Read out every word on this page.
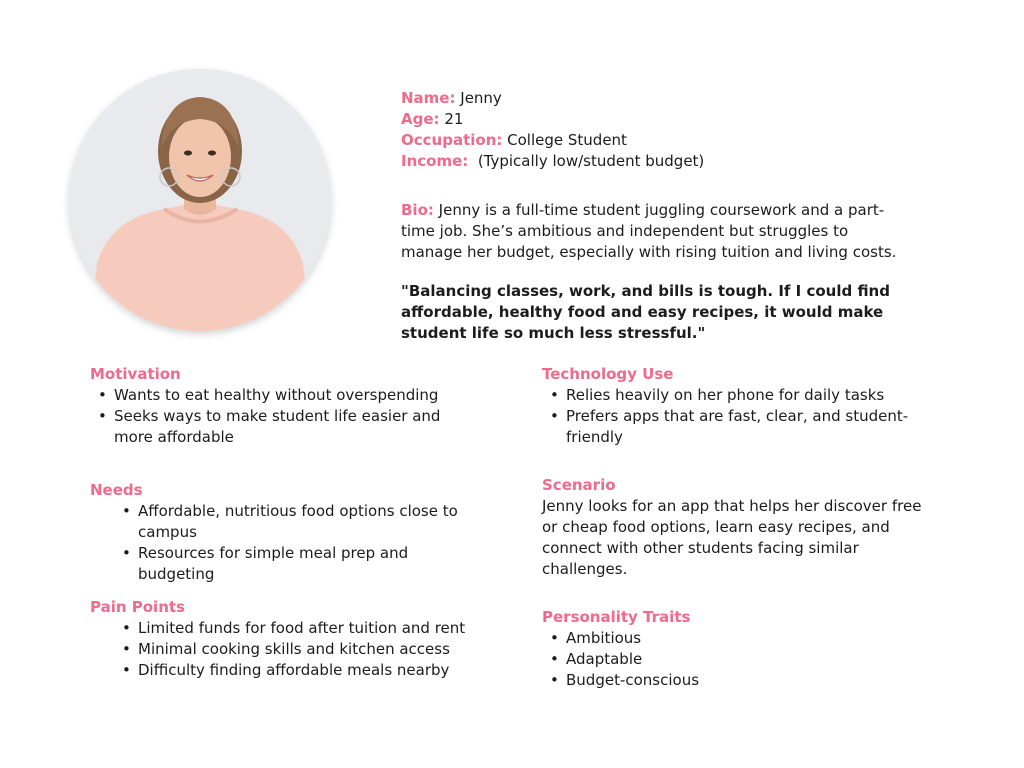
Name: Jenny
Age: 21
Occupation: College Student
Income: (Typically low/student budget)
Bio: Jenny is a full-time student juggling coursework and a part-time job. She’s ambitious and independent but struggles to manage her budget, especially with rising tuition and living costs.
"Balancing classes, work, and bills is tough. If I could find affordable, healthy food and easy recipes, it would make student life so much less stressful."
Motivation
• Wants to eat healthy without overspending
• Seeks ways to make student life easier and more affordable
Needs
• Affordable, nutritious food options close to campus
• Resources for simple meal prep and budgeting
Pain Points
• Limited funds for food after tuition and rent
• Minimal cooking skills and kitchen access
• Difficulty finding affordable meals nearby
Technology Use
• Relies heavily on her phone for daily tasks
• Prefers apps that are fast, clear, and student-friendly
Scenario

Jenny looks for an app that helps her discover free or cheap food options, learn easy recipes, and connect with other students facing similar challenges.

Personality Traits
• Ambitious
• Adaptable
• Budget-conscious
